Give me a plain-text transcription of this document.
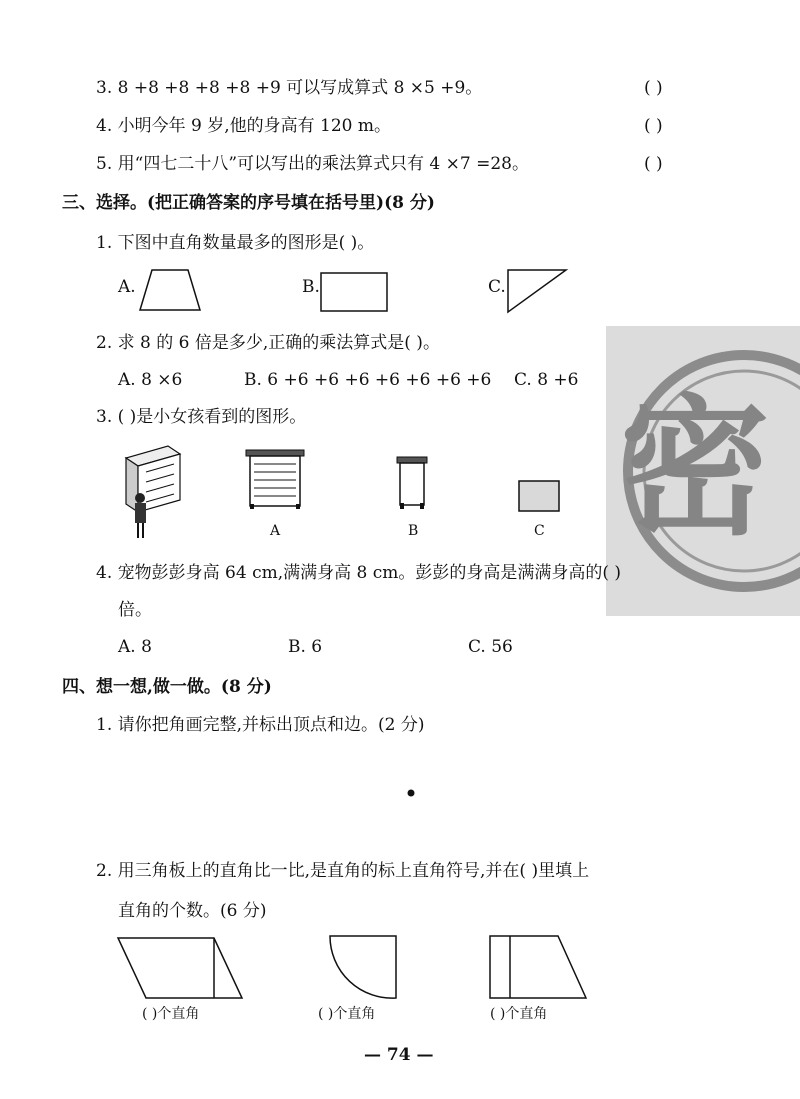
3. 8 +8 +8 +8 +8 +9 可以写成算式 8 ×5 +9。	( )
4. 小明今年 9 岁,他的身高有 120 m。	( )
5. 用“四七二十八”可以写出的乘法算式只有 4 ×7 =28。	( )
三、选择。(把正确答案的序号填在括号里)(8 分)
1. 下图中直角数量最多的图形是( )。
A.	B.	C.
2. 求 8 的 6 倍是多少,正确的乘法算式是( )。
A. 8 ×6	B. 6 +6 +6 +6 +6 +6 +6 +6 C. 8 +6
密
3. ( )是小女孩看到的图形。
A	B	C
4. 宠物彭彭身高 64 cm,满满身高 8 cm。彭彭的身高是满满身高的( )
倍。
A. 8	B. 6	C. 56
四、想一想,做一做。(8 分)
1. 请你把角画完整,并标出顶点和边。(2 分)
2. 用三角板上的直角比一比,是直角的标上直角符号,并在( )里填上
直角的个数。(6 分)
( )个直角	( )个直角	( )个直角
— 74 —
